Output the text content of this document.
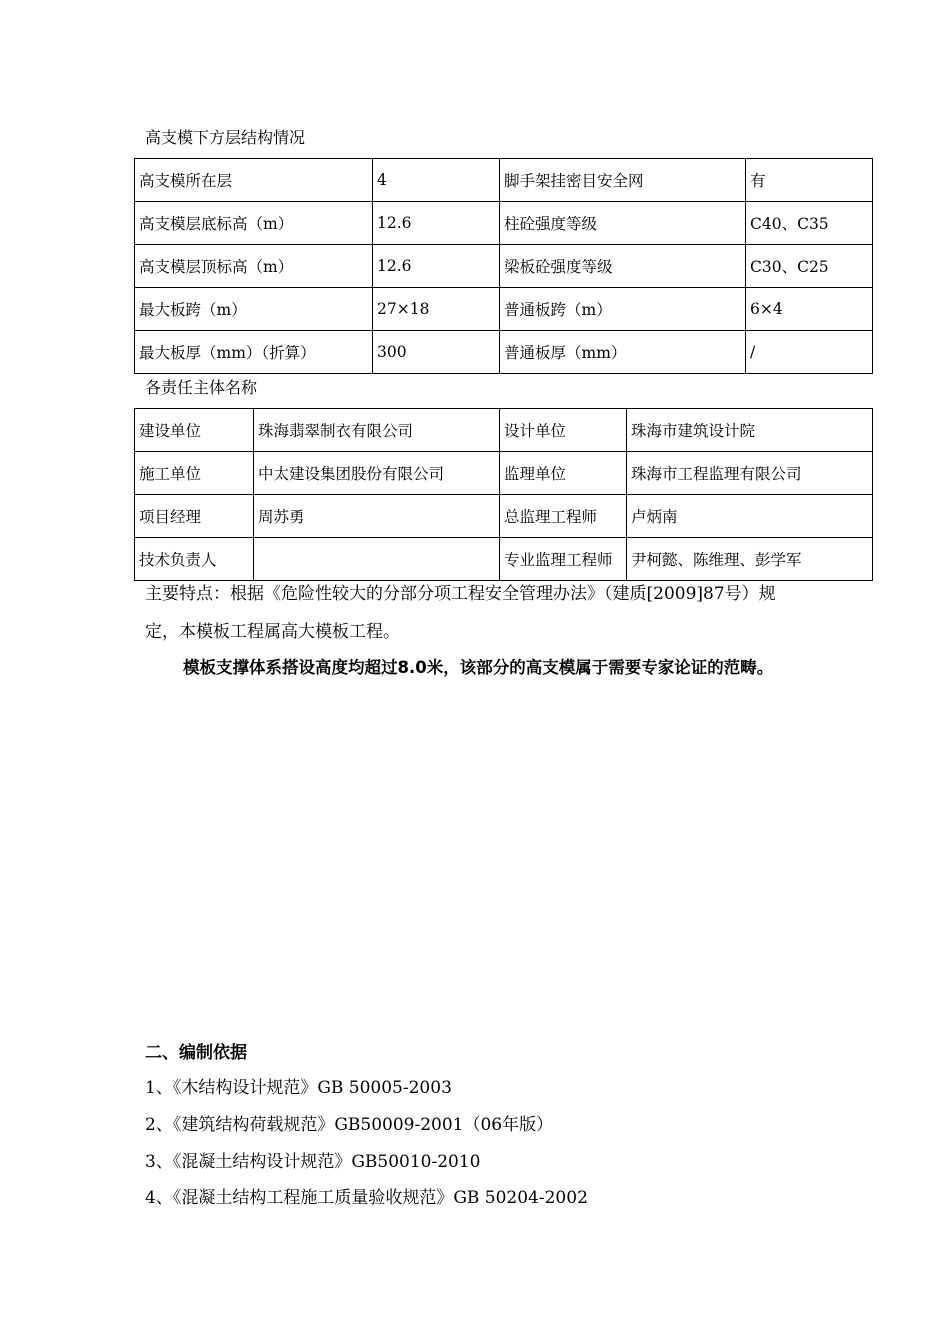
高支模下方层结构情况
高支模所在层	4	脚手架挂密目安全网	有
高支模层底标高（m）	12.6	柱砼强度等级	C40、C35
高支模层顶标高（m）	12.6	梁板砼强度等级	C30、C25
最大板跨（m）	27×18	普通板跨（m）	6×4
最大板厚（mm）（折算）	300	普通板厚（mm）	/
各责任主体名称
建设单位	珠海翡翠制衣有限公司	设计单位	珠海市建筑设计院
施工单位	中太建设集团股份有限公司	监理单位	珠海市工程监理有限公司
项目经理	周苏勇	总监理工程师	卢炳南
技术负责人		专业监理工程师	尹柯懿、陈维理、彭学军
主要特点：根据《危险性较大的分部分项工程安全管理办法》（建质[2009]87号）规
定，本模板工程属高大模板工程。
模板支撑体系搭设高度均超过8.0米，该部分的高支模属于需要专家论证的范畴。
二、编制依据
1、《木结构设计规范》GB 50005-2003
2、《建筑结构荷载规范》GB50009-2001（06年版）
3、《混凝土结构设计规范》GB50010-2010
4、《混凝土结构工程施工质量验收规范》GB 50204-2002
